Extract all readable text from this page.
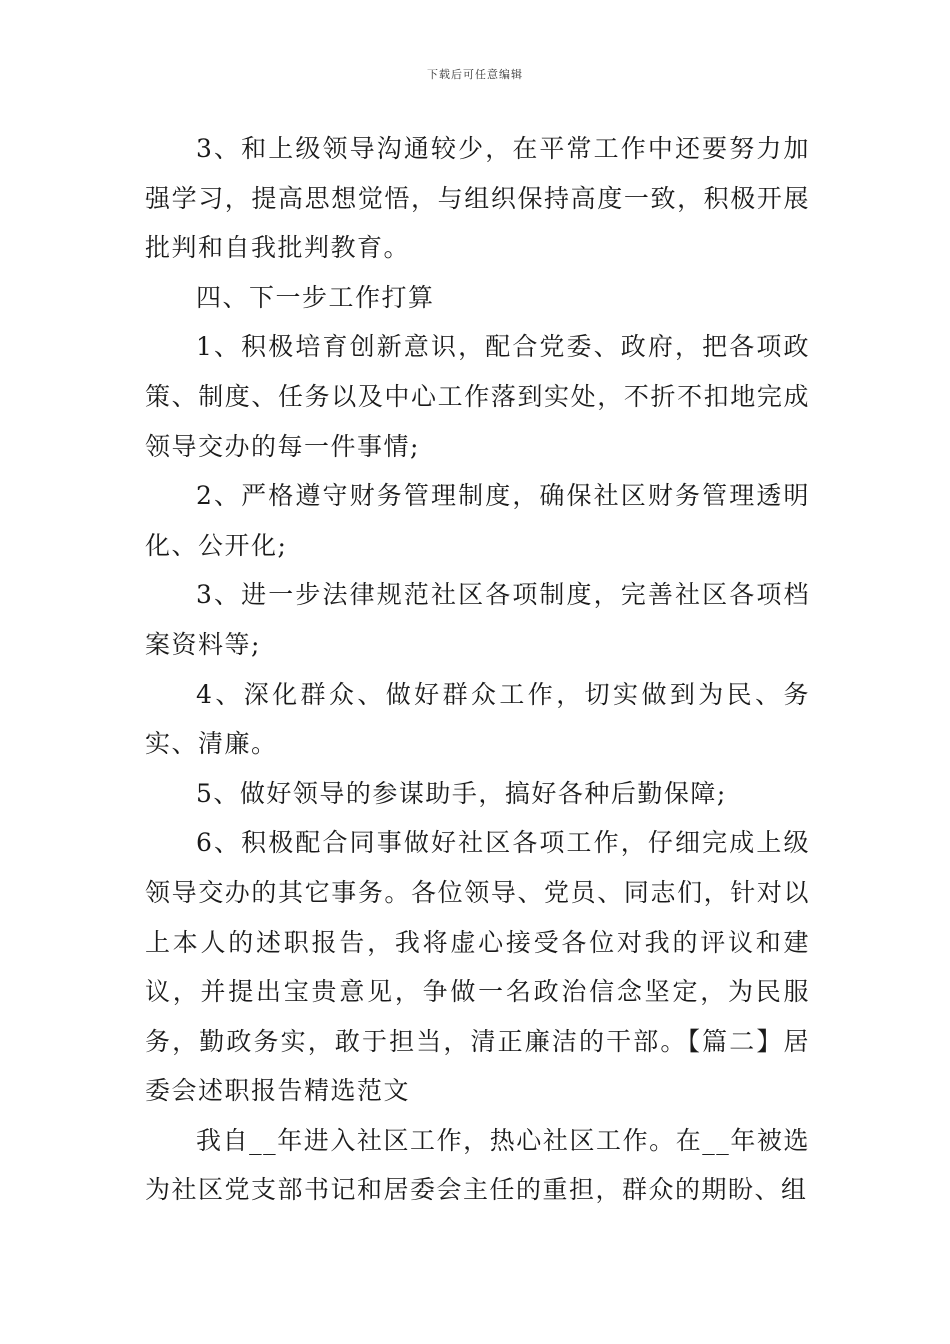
下载后可任意编辑

3、和上级领导沟通较少，在平常工作中还要努力加强学习，提高思想觉悟，与组织保持高度一致，积极开展批判和自我批判教育。

四、下一步工作打算

1、积极培育创新意识，配合党委、政府，把各项政策、制度、任务以及中心工作落到实处，不折不扣地完成领导交办的每一件事情;

2、严格遵守财务管理制度，确保社区财务管理透明化、公开化;

3、进一步法律规范社区各项制度，完善社区各项档案资料等;

4、深化群众、做好群众工作，切实做到为民、务实、清廉。

5、做好领导的参谋助手，搞好各种后勤保障;

6、积极配合同事做好社区各项工作，仔细完成上级领导交办的其它事务。各位领导、党员、同志们，针对以上本人的述职报告，我将虚心接受各位对我的评议和建议，并提出宝贵意见，争做一名政治信念坚定，为民服务，勤政务实，敢于担当，清正廉洁的干部。【篇二】居委会述职报告精选范文

我自__年进入社区工作，热心社区工作。在__年被选为社区党支部书记和居委会主任的重担，群众的期盼、组
